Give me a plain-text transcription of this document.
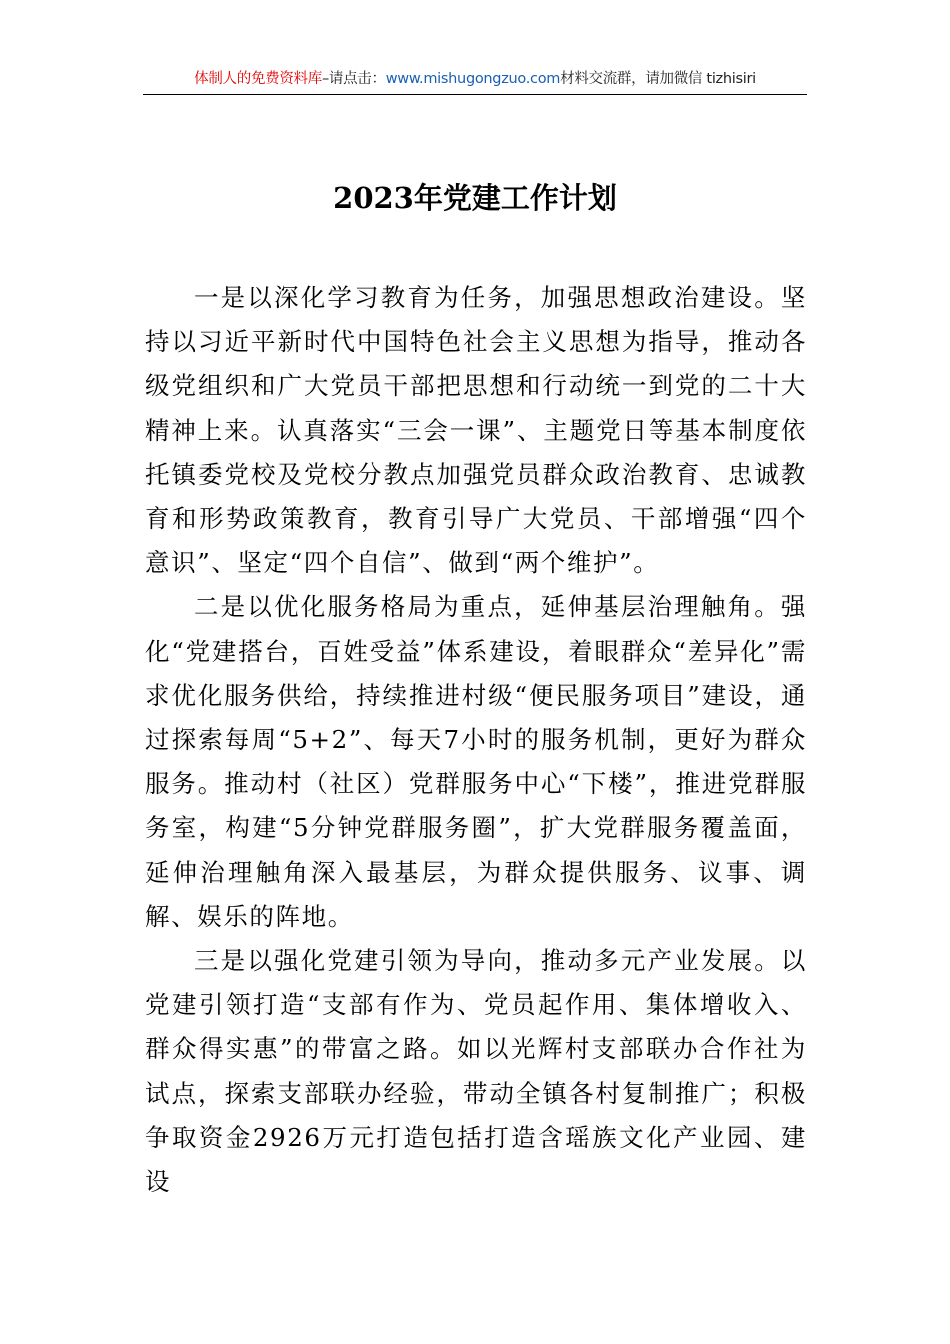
体制人的免费资料库–请点击：www.mishugongzuo.com材料交流群，请加微信 tizhisiri
2023年党建工作计划

一是以深化学习教育为任务，加强思想政治建设。坚持以习近平新时代中国特色社会主义思想为指导，推动各级党组织和广大党员干部把思想和行动统一到党的二十大精神上来。认真落实“三会一课”、主题党日等基本制度依托镇委党校及党校分教点加强党员群众政治教育、忠诚教育和形势政策教育，教育引导广大党员、干部增强“四个意识”、坚定“四个自信”、做到“两个维护”。

二是以优化服务格局为重点，延伸基层治理触角。强化“党建搭台，百姓受益”体系建设，着眼群众“差异化”需求优化服务供给，持续推进村级“便民服务项目”建设，通过探索每周“5+2”、每天7小时的服务机制，更好为群众服务。推动村（社区）党群服务中心“下楼”，推进党群服务室，构建“5分钟党群服务圈”，扩大党群服务覆盖面，延伸治理触角深入最基层，为群众提供服务、议事、调解、娱乐的阵地。

三是以强化党建引领为导向，推动多元产业发展。以党建引领打造“支部有作为、党员起作用、集体增收入、群众得实惠”的带富之路。如以光辉村支部联办合作社为试点，探索支部联办经验，带动全镇各村复制推广；积极争取资金2926万元打造包括打造含瑶族文化产业园、建设
